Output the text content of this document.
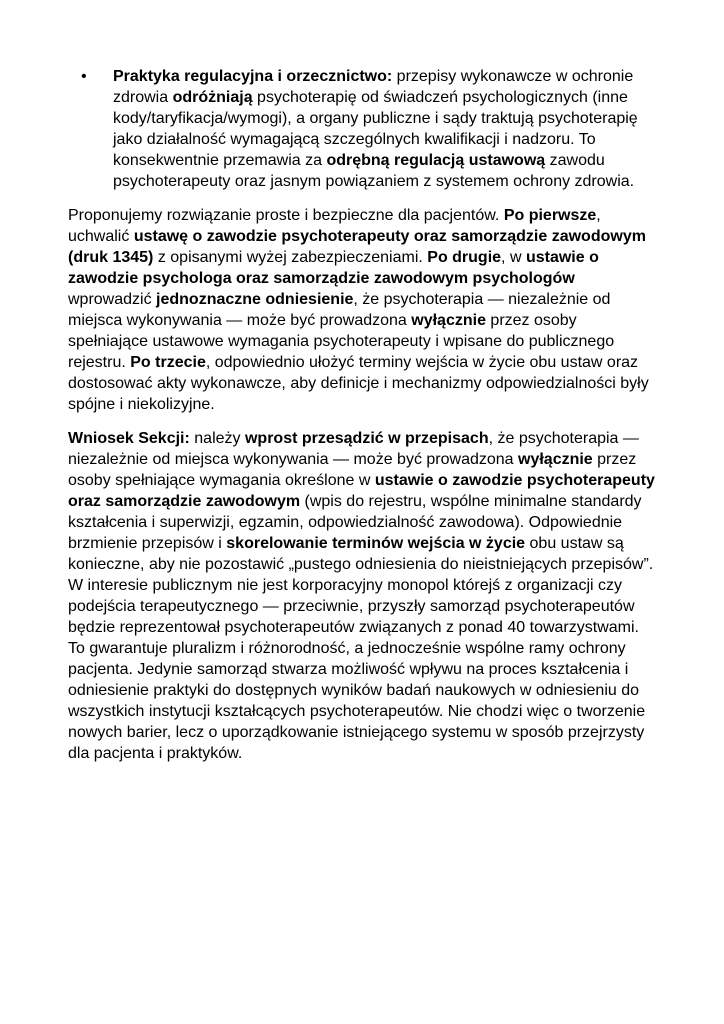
•	Praktyka regulacyjna i orzecznictwo: przepisy wykonawcze w ochronie zdrowia odróżniają psychoterapię od świadczeń psychologicznych (inne kody/taryfikacja/wymogi), a organy publiczne i sądy traktują psychoterapię jako działalność wymagającą szczególnych kwalifikacji i nadzoru. To konsekwentnie przemawia za odrębną regulacją ustawową zawodu psychoterapeuty oraz jasnym powiązaniem z systemem ochrony zdrowia.

Proponujemy rozwiązanie proste i bezpieczne dla pacjentów. Po pierwsze, uchwalić ustawę o zawodzie psychoterapeuty oraz samorządzie zawodowym (druk 1345) z opisanymi wyżej zabezpieczeniami. Po drugie, w ustawie o zawodzie psychologa oraz samorządzie zawodowym psychologów wprowadzić jednoznaczne odniesienie, że psychoterapia — niezależnie od miejsca wykonywania — może być prowadzona wyłącznie przez osoby spełniające ustawowe wymagania psychoterapeuty i wpisane do publicznego rejestru. Po trzecie, odpowiednio ułożyć terminy wejścia w życie obu ustaw oraz dostosować akty wykonawcze, aby definicje i mechanizmy odpowiedzialności były spójne i niekolizyjne.

Wniosek Sekcji: należy wprost przesądzić w przepisach, że psychoterapia — niezależnie od miejsca wykonywania — może być prowadzona wyłącznie przez osoby spełniające wymagania określone w ustawie o zawodzie psychoterapeuty oraz samorządzie zawodowym (wpis do rejestru, wspólne minimalne standardy kształcenia i superwizji, egzamin, odpowiedzialność zawodowa). Odpowiednie brzmienie przepisów i skorelowanie terminów wejścia w życie obu ustaw są konieczne, aby nie pozostawić „pustego odniesienia do nieistniejących przepisów”. W interesie publicznym nie jest korporacyjny monopol którejś z organizacji czy podejścia terapeutycznego — przeciwnie, przyszły samorząd psychoterapeutów będzie reprezentował psychoterapeutów związanych z ponad 40 towarzystwami. To gwarantuje pluralizm i różnorodność, a jednocześnie wspólne ramy ochrony pacjenta. Jedynie samorząd stwarza możliwość wpływu na proces kształcenia i odniesienie praktyki do dostępnych wyników badań naukowych w odniesieniu do wszystkich instytucji kształcących psychoterapeutów. Nie chodzi więc o tworzenie nowych barier, lecz o uporządkowanie istniejącego systemu w sposób przejrzysty dla pacjenta i praktyków.
